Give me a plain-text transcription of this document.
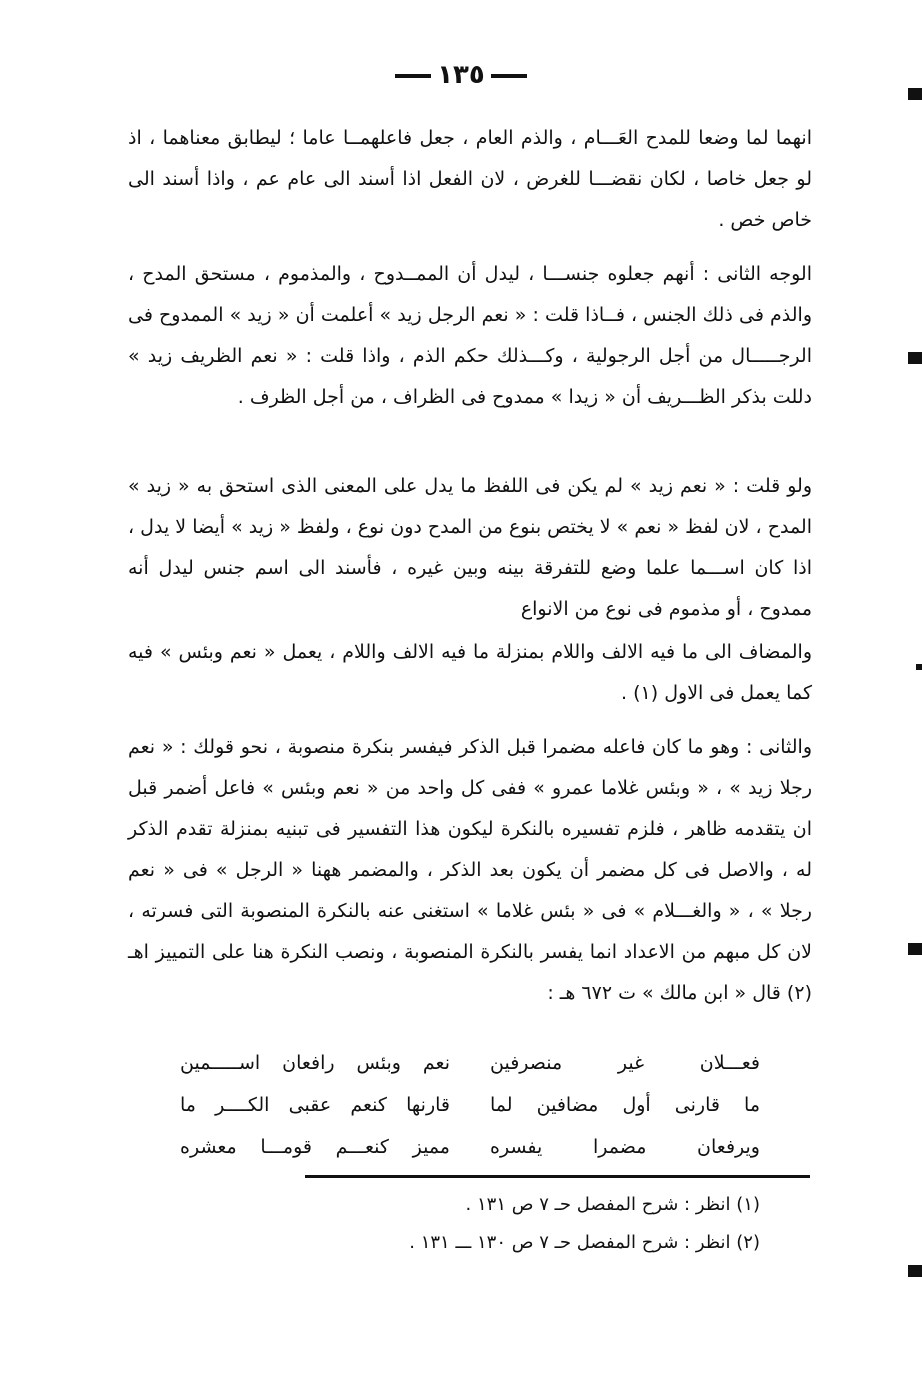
١٣٥

انهما لما وضعا للمدح العَـــام ، والذم العام ، جعل فاعلهمــا عاما ؛ ليطابق معناهما ، اذ لو جعل خاصا ، لكان نقضـــا للغرض ، لان الفعل اذا أسند الى عام عم ، واذا أسند الى خاص خص .

الوجه الثانى : أنهم جعلوه جنســـا ، ليدل أن الممــدوح ، والمذموم ، مستحق المدح ، والذم فى ذلك الجنس ، فــاذا قلت : « نعم الرجل زيد » أعلمت أن « زيد » الممدوح فى الرجـــــال من أجل الرجولية ، وكـــذلك حكم الذم ، واذا قلت : « نعم الظريف زيد » دللت بذكر الظـــريف أن « زيدا » ممدوح فى الظراف ، من أجل الظرف .

ولو قلت : « نعم زيد » لم يكن فى اللفظ ما يدل على المعنى الذى استحق به « زيد » المدح ، لان لفظ « نعم » لا يختص بنوع من المدح دون نوع ، ولفظ « زيد » أيضا لا يدل ، اذا كان اســـما علما وضع للتفرقة بينه وبين غيره ، فأسند الى اسم جنس ليدل أنه ممدوح ، أو مذموم فى نوع من الانواع

والمضاف الى ما فيه الالف واللام بمنزلة ما فيه الالف واللام ، يعمل « نعم وبئس » فيه كما يعمل فى الاول (١) .

والثانى : وهو ما كان فاعله مضمرا قبل الذكر فيفسر بنكرة منصوبة ، نحو قولك : « نعم رجلا زيد » ، « وبئس غلاما عمرو » ففى كل واحد من « نعم وبئس » فاعل أضمر قبل ان يتقدمه ظاهر ، فلزم تفسيره بالنكرة ليكون هذا التفسير فى تبنيه بمنزلة تقدم الذكر له ، والاصل فى كل مضمر أن يكون بعد الذكر ، والمضمر ههنا « الرجل » فى « نعم رجلا » ، « والغـــلام » فى « بئس غلاما » استغنى عنه بالنكرة المنصوبة التى فسرته ، لان كل مبهم من الاعداد انما يفسر بالنكرة المنصوبة ، ونصب النكرة هنا على التمييز اهـ (٢) قال « ابن مالك » ت ٦٧٢ هـ :

فعـــلان غير منصرفين
نعم وبئس رافعان اســـــمين
ما قارنى أول مضافين لما
قارنها كنعم عقبى الكــــر ما
ويرفعان مضمرا يفسره
مميز كنعـــم قومـــا معشره
(١) انظر : شرح المفصل حـ ٧ ص ١٣١ .
(٢) انظر : شرح المفصل حـ ٧ ص ١٣٠ ـــ ١٣١ .
